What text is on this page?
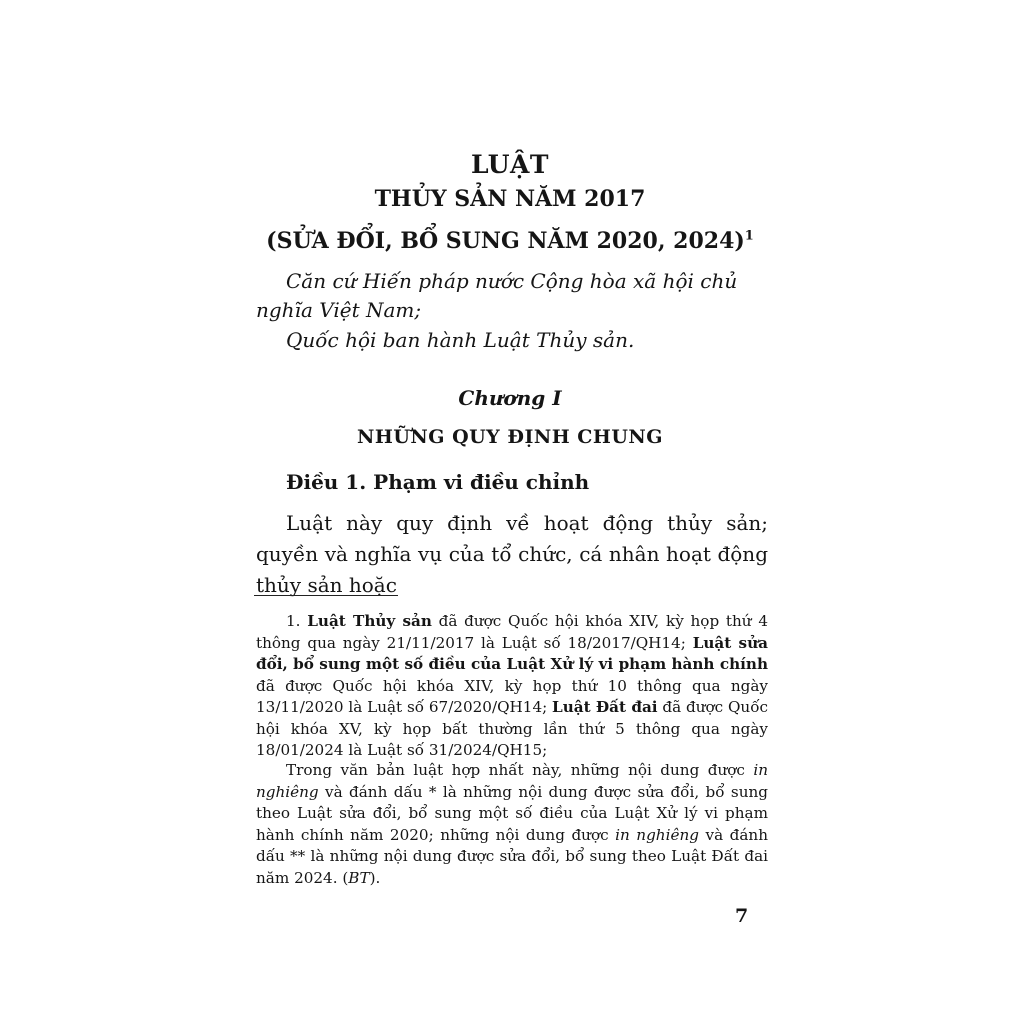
LUẬT
THỦY SẢN NĂM 2017
(SỬA ĐỔI, BỔ SUNG NĂM 2020, 2024)$^1$
Căn cứ Hiến pháp nước Cộng hòa xã hội chủ nghĩa Việt Nam;
Quốc hội ban hành Luật Thủy sản.
Chương I
NHỮNG QUY ĐỊNH CHUNG
Điều 1. Phạm vi điều chỉnh
Luật này quy định về hoạt động thủy sản; quyền và nghĩa vụ của tổ chức, cá nhân hoạt động thủy sản hoặc
1. Luật Thủy sản đã được Quốc hội khóa XIV, kỳ họp thứ 4 thông qua ngày 21/11/2017 là Luật số 18/2017/QH14; Luật sửa đổi, bổ sung một số điều của Luật Xử lý vi phạm hành chính đã được Quốc hội khóa XIV, kỳ họp thứ 10 thông qua ngày 13/11/2020 là Luật số 67/2020/QH14; Luật Đất đai đã được Quốc hội khóa XV, kỳ họp bất thường lần thứ 5 thông qua ngày 18/01/2024 là Luật số 31/2024/QH15;
Trong văn bản luật hợp nhất này, những nội dung được in nghiêng và đánh dấu * là những nội dung được sửa đổi, bổ sung theo Luật sửa đổi, bổ sung một số điều của Luật Xử lý vi phạm hành chính năm 2020; những nội dung được in nghiêng và đánh dấu ** là những nội dung được sửa đổi, bổ sung theo Luật Đất đai năm 2024. (BT).
7
